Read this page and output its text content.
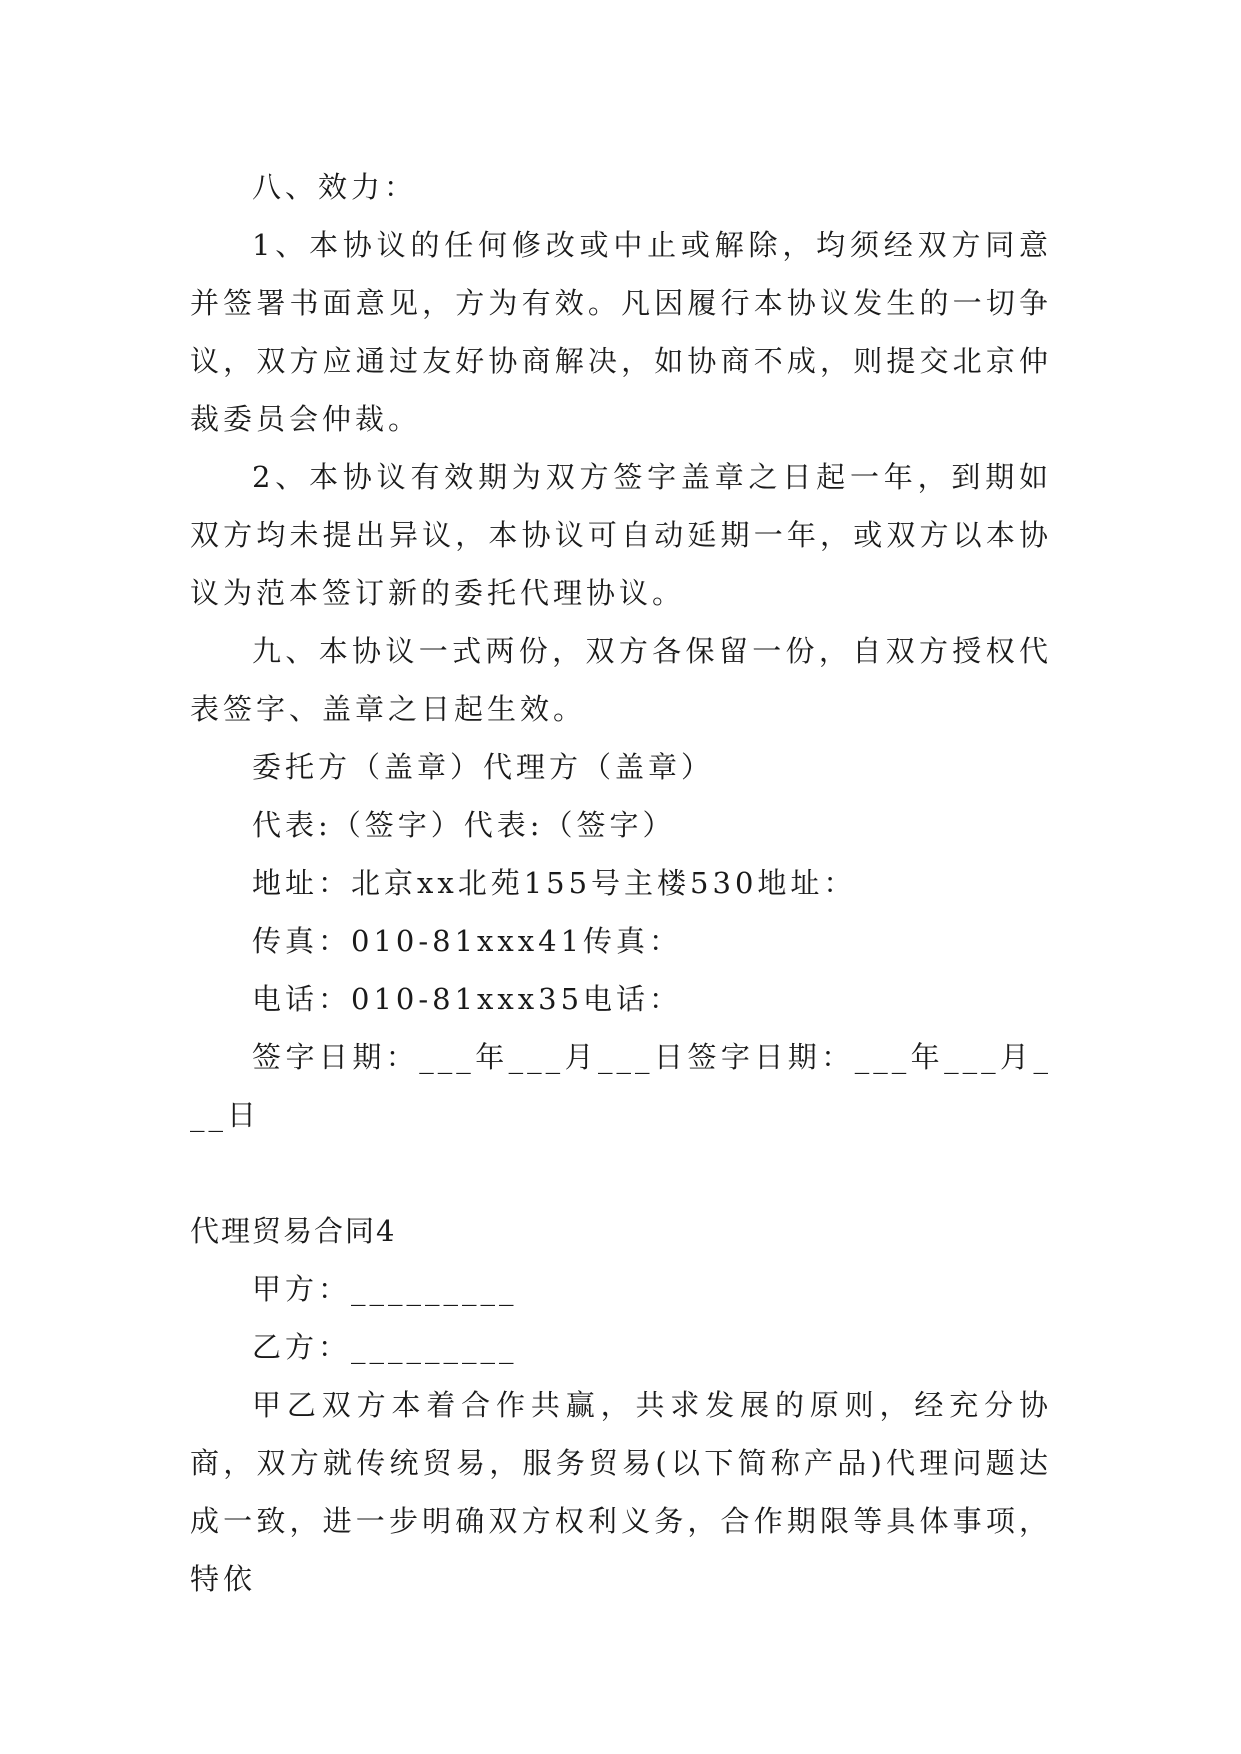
八、效力：

1、本协议的任何修改或中止或解除，均须经双方同意并签署书面意见，方为有效。凡因履行本协议发生的一切争议，双方应通过友好协商解决，如协商不成，则提交北京仲裁委员会仲裁。

2、本协议有效期为双方签字盖章之日起一年，到期如双方均未提出异议，本协议可自动延期一年，或双方以本协议为范本签订新的委托代理协议。

九、本协议一式两份，双方各保留一份，自双方授权代表签字、盖章之日起生效。

委托方（盖章）代理方（盖章）

代表:（签字）代表:（签字）

地址：北京xx北苑155号主楼530地址：

传真：010-81xxx41传真：

电话：010-81xxx35电话：

签字日期：___年___月___日签字日期：___年___月___日

代理贸易合同4

甲方：_________

乙方：_________

甲乙双方本着合作共赢，共求发展的原则，经充分协商，双方就传统贸易，服务贸易(以下简称产品)代理问题达成一致，进一步明确双方权利义务，合作期限等具体事项，特依
